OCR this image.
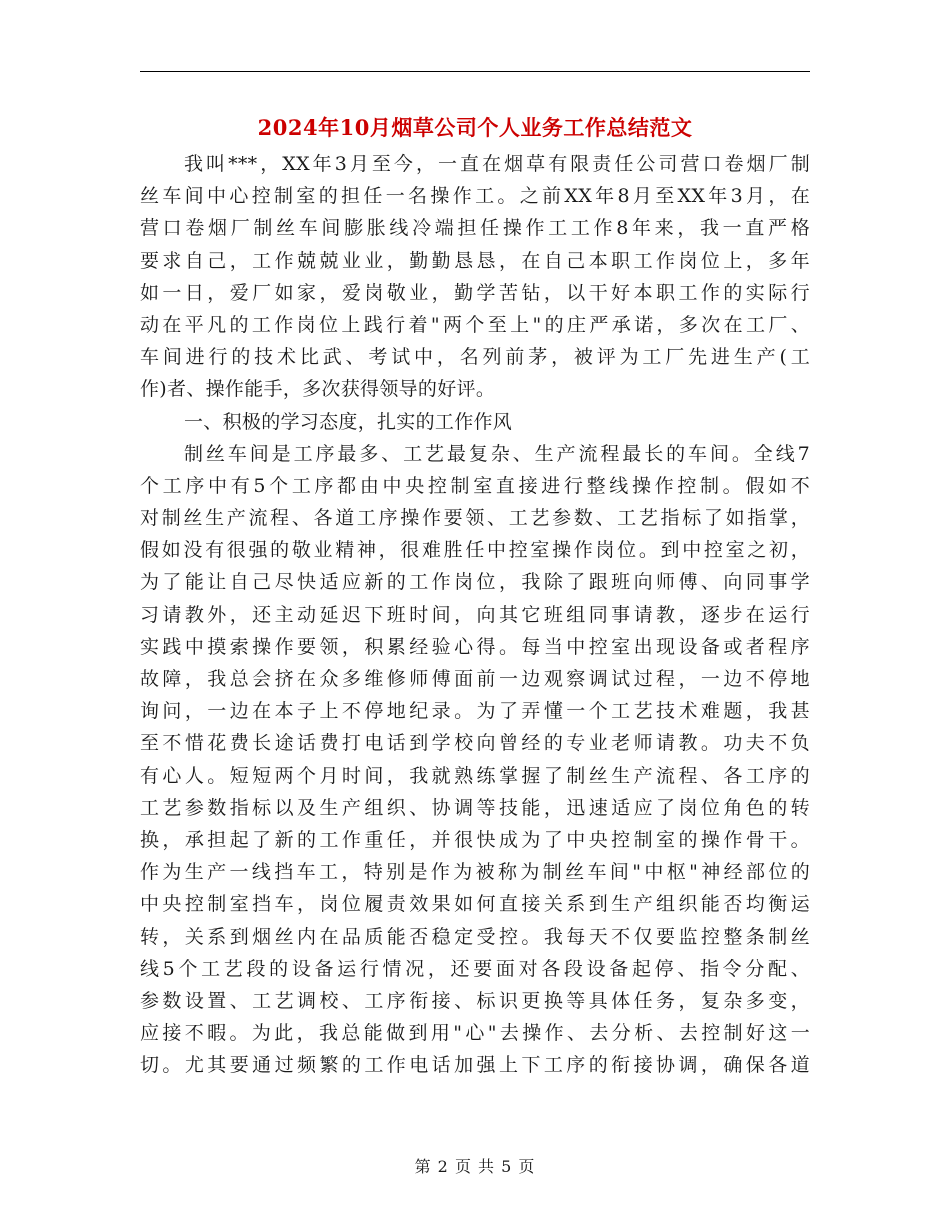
2024年10月烟草公司个人业务工作总结范文
我叫***，XX年3月至今，一直在烟草有限责任公司营口卷烟厂制
丝车间中心控制室的担任一名操作工。之前XX年8月至XX年3月，在
营口卷烟厂制丝车间膨胀线冷端担任操作工工作8年来，我一直严格
要求自己，工作兢兢业业，勤勤恳恳，在自己本职工作岗位上，多年
如一日，爱厂如家，爱岗敬业，勤学苦钻，以干好本职工作的实际行
动在平凡的工作岗位上践行着"两个至上"的庄严承诺，多次在工厂、
车间进行的技术比武、考试中，名列前茅，被评为工厂先进生产(工
作)者、操作能手，多次获得领导的好评。
一、积极的学习态度，扎实的工作作风
制丝车间是工序最多、工艺最复杂、生产流程最长的车间。全线7
个工序中有5个工序都由中央控制室直接进行整线操作控制。假如不
对制丝生产流程、各道工序操作要领、工艺参数、工艺指标了如指掌，
假如没有很强的敬业精神，很难胜任中控室操作岗位。到中控室之初，
为了能让自己尽快适应新的工作岗位，我除了跟班向师傅、向同事学
习请教外，还主动延迟下班时间，向其它班组同事请教，逐步在运行
实践中摸索操作要领，积累经验心得。每当中控室出现设备或者程序
故障，我总会挤在众多维修师傅面前一边观察调试过程，一边不停地
询问，一边在本子上不停地纪录。为了弄懂一个工艺技术难题，我甚
至不惜花费长途话费打电话到学校向曾经的专业老师请教。功夫不负
有心人。短短两个月时间，我就熟练掌握了制丝生产流程、各工序的
工艺参数指标以及生产组织、协调等技能，迅速适应了岗位角色的转
换，承担起了新的工作重任，并很快成为了中央控制室的操作骨干。
作为生产一线挡车工，特别是作为被称为制丝车间"中枢"神经部位的
中央控制室挡车，岗位履责效果如何直接关系到生产组织能否均衡运
转，关系到烟丝内在品质能否稳定受控。我每天不仅要监控整条制丝
线5个工艺段的设备运行情况，还要面对各段设备起停、指令分配、
参数设置、工艺调校、工序衔接、标识更换等具体任务，复杂多变，
应接不暇。为此，我总能做到用"心"去操作、去分析、去控制好这一
切。尤其要通过频繁的工作电话加强上下工序的衔接协调，确保各道
第 2 页 共 5 页
